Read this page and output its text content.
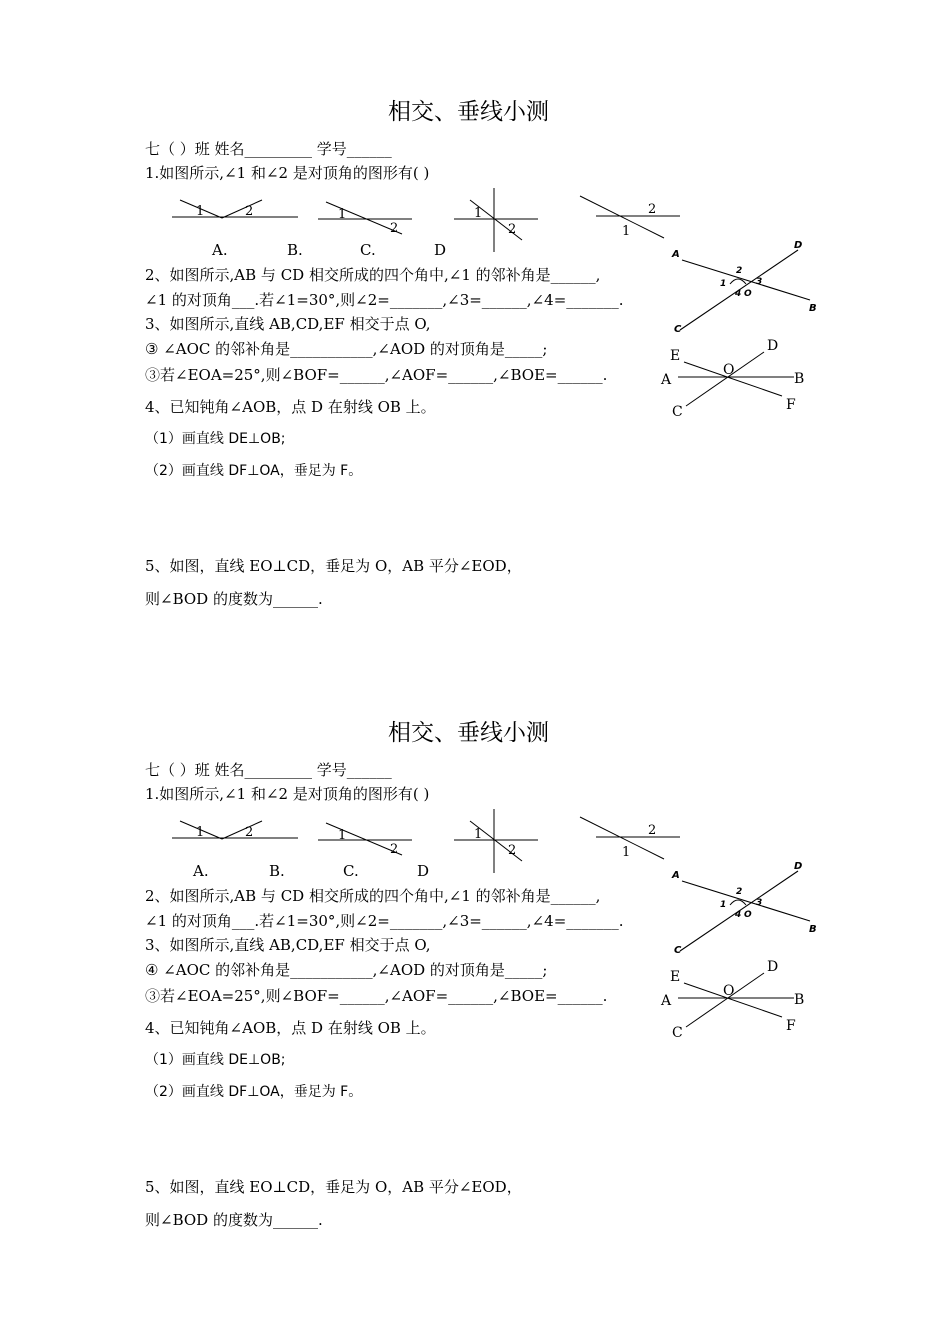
相交、垂线小测
七（ ）班 姓名_________ 学号______
1.如图所示,∠1 和∠2 是对顶角的图形有( )
1	2	1
2
1
2
2
1
A.	B.	C.	D
2、如图所示,AB 与 CD 相交所成的四个角中,∠1 的邻补角是______,
∠1 的对顶角___.若∠1=30°,则∠2=_______,∠3=______,∠4=_______.
3、如图所示,直线 AB,CD,EF 相交于点 O,
③ ∠AOC 的邻补角是___________,∠AOD 的对顶角是_____;
③若∠EOA=25°,则∠BOF=______,∠AOF=______,∠BOE=______.
4、已知钝角∠AOB，点 D 在射线 OB 上。
（1）画直线 DE⊥OB;
（2）画直线 DF⊥OA，垂足为 F。
5、如图，直线 EO⊥CD，垂足为 O，AB 平分∠EOD，
则∠BOD 的度数为______.
A
D
C
B
2
1	3
4 O
E
D
O
A	B
C	F
相交、垂线小测
七（ ）班 姓名_________ 学号______
1.如图所示,∠1 和∠2 是对顶角的图形有( )
1	2	1
2
1
2
2
1
A.	B.	C.	D
2、如图所示,AB 与 CD 相交所成的四个角中,∠1 的邻补角是______,
∠1 的对顶角___.若∠1=30°,则∠2=_______,∠3=______,∠4=_______.
3、如图所示,直线 AB,CD,EF 相交于点 O,
④ ∠AOC 的邻补角是___________,∠AOD 的对顶角是_____;
③若∠EOA=25°,则∠BOF=______,∠AOF=______,∠BOE=______.
4、已知钝角∠AOB，点 D 在射线 OB 上。
（1）画直线 DE⊥OB;
（2）画直线 DF⊥OA，垂足为 F。
5、如图，直线 EO⊥CD，垂足为 O，AB 平分∠EOD，
则∠BOD 的度数为______.
A
D
C
B
2
1	3
4 O
E
D
O
A	B
C	F
